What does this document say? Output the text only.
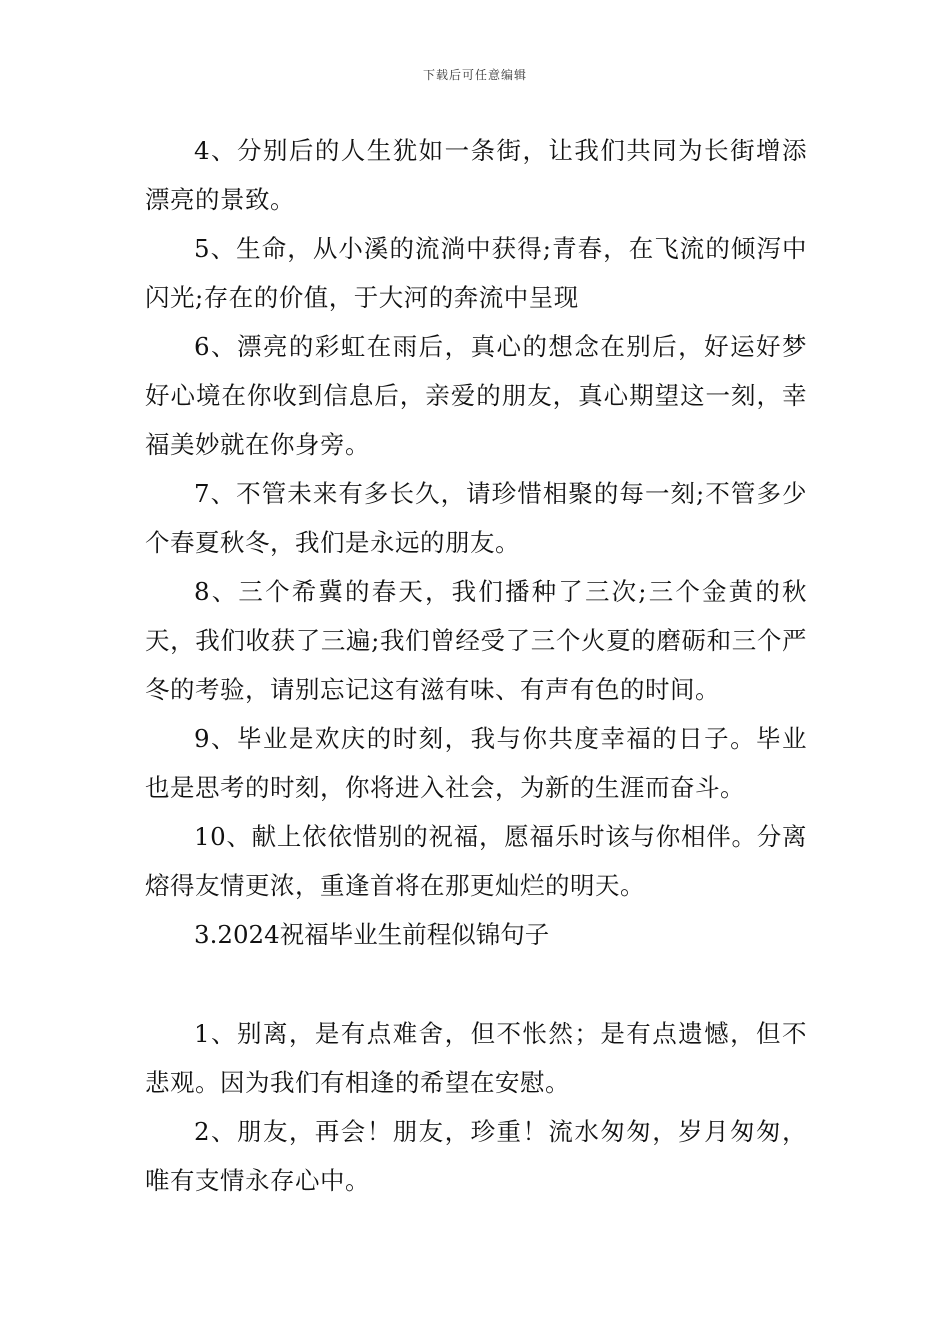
下载后可任意编辑

4、分别后的人生犹如一条街，让我们共同为长街增添漂亮的景致。

5、生命，从小溪的流淌中获得;青春，在飞流的倾泻中闪光;存在的价值，于大河的奔流中呈现

6、漂亮的彩虹在雨后，真心的想念在别后，好运好梦好心境在你收到信息后，亲爱的朋友，真心期望这一刻，幸福美妙就在你身旁。

7、不管未来有多长久，请珍惜相聚的每一刻;不管多少个春夏秋冬，我们是永远的朋友。

8、三个希冀的春天，我们播种了三次;三个金黄的秋天，我们收获了三遍;我们曾经受了三个火夏的磨砺和三个严冬的考验，请别忘记这有滋有味、有声有色的时间。

9、毕业是欢庆的时刻，我与你共度幸福的日子。毕业也是思考的时刻，你将进入社会，为新的生涯而奋斗。

10、献上依依惜别的祝福，愿福乐时该与你相伴。分离熔得友情更浓，重逢首将在那更灿烂的明天。

3.2024祝福毕业生前程似锦句子

1、别离，是有点难舍，但不怅然；是有点遗憾，但不悲观。因为我们有相逢的希望在安慰。

2、朋友，再会！朋友，珍重！流水匆匆，岁月匆匆，唯有支情永存心中。
